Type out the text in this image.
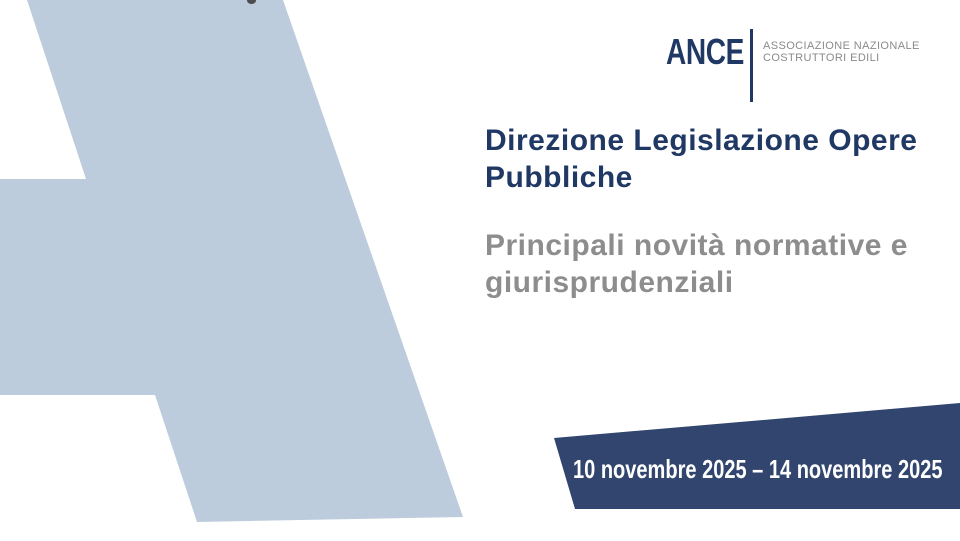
ANCE ASSOCIAZIONE NAZIONALE
COSTRUTTORI EDILI
Direzione Legislazione Opere
Pubbliche
Principali novità normative e
giurisprudenziali
10 novembre 2025 – 14 novembre 2025
